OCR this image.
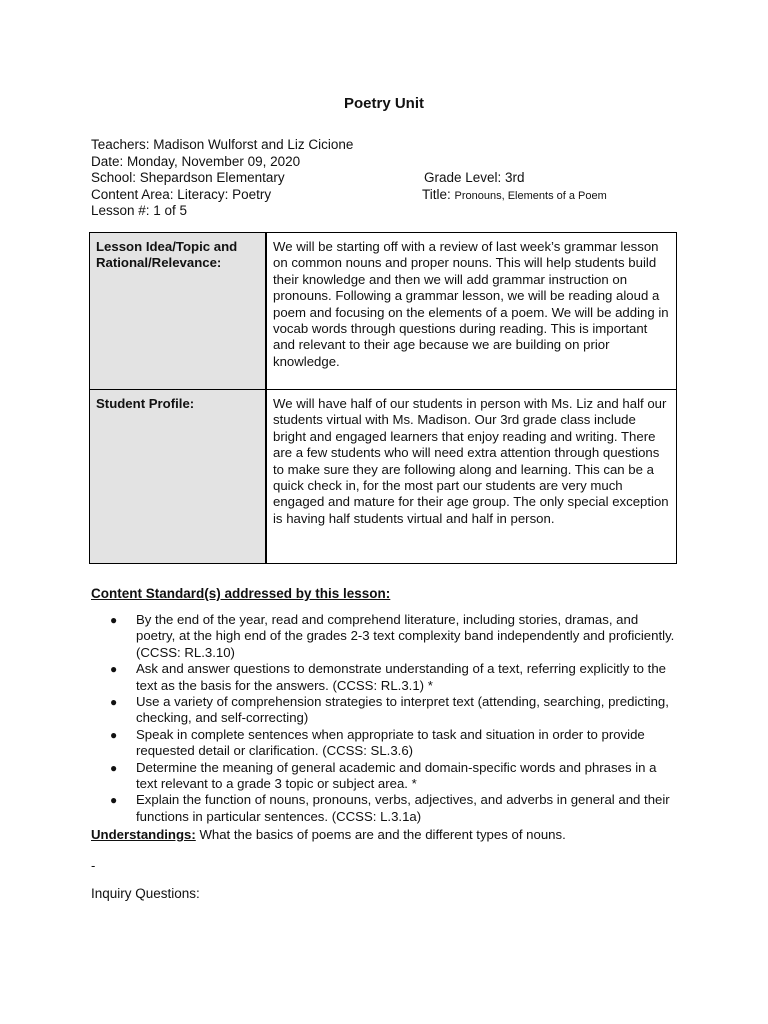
Poetry Unit
Teachers: Madison Wulforst and Liz Cicione
Date: Monday, November 09, 2020
School: Shepardson Elementary	Grade Level: 3rd
Content Area: Literacy: Poetry	Title: Pronouns, Elements of a Poem
Lesson #: 1 of 5
Lesson Idea/Topic and Rational/Relevance:	We will be starting off with a review of last week’s grammar lesson on common nouns and proper nouns. This will help students build their knowledge and then we will add grammar instruction on pronouns. Following a grammar lesson, we will be reading aloud a poem and focusing on the elements of a poem. We will be adding in vocab words through questions during reading. This is important and relevant to their age because we are building on prior knowledge.
Student Profile:	We will have half of our students in person with Ms. Liz and half our students virtual with Ms. Madison. Our 3rd grade class include bright and engaged learners that enjoy reading and writing. There are a few students who will need extra attention through questions to make sure they are following along and learning. This can be a quick check in, for the most part our students are very much engaged and mature for their age group. The only special exception is having half students virtual and half in person.
Content Standard(s) addressed by this lesson:
● By the end of the year, read and comprehend literature, including stories, dramas, and poetry, at the high end of the grades 2-3 text complexity band independently and proficiently. (CCSS: RL.3.10)
● Ask and answer questions to demonstrate understanding of a text, referring explicitly to the text as the basis for the answers. (CCSS: RL.3.1) *
● Use a variety of comprehension strategies to interpret text (attending, searching, predicting, checking, and self-correcting)
● Speak in complete sentences when appropriate to task and situation in order to provide requested detail or clarification. (CCSS: SL.3.6)
● Determine the meaning of general academic and domain-specific words and phrases in a text relevant to a grade 3 topic or subject area. *
● Explain the function of nouns, pronouns, verbs, adjectives, and adverbs in general and their functions in particular sentences. (CCSS: L.3.1a)
Understandings: What the basics of poems are and the different types of nouns.
-
Inquiry Questions:
